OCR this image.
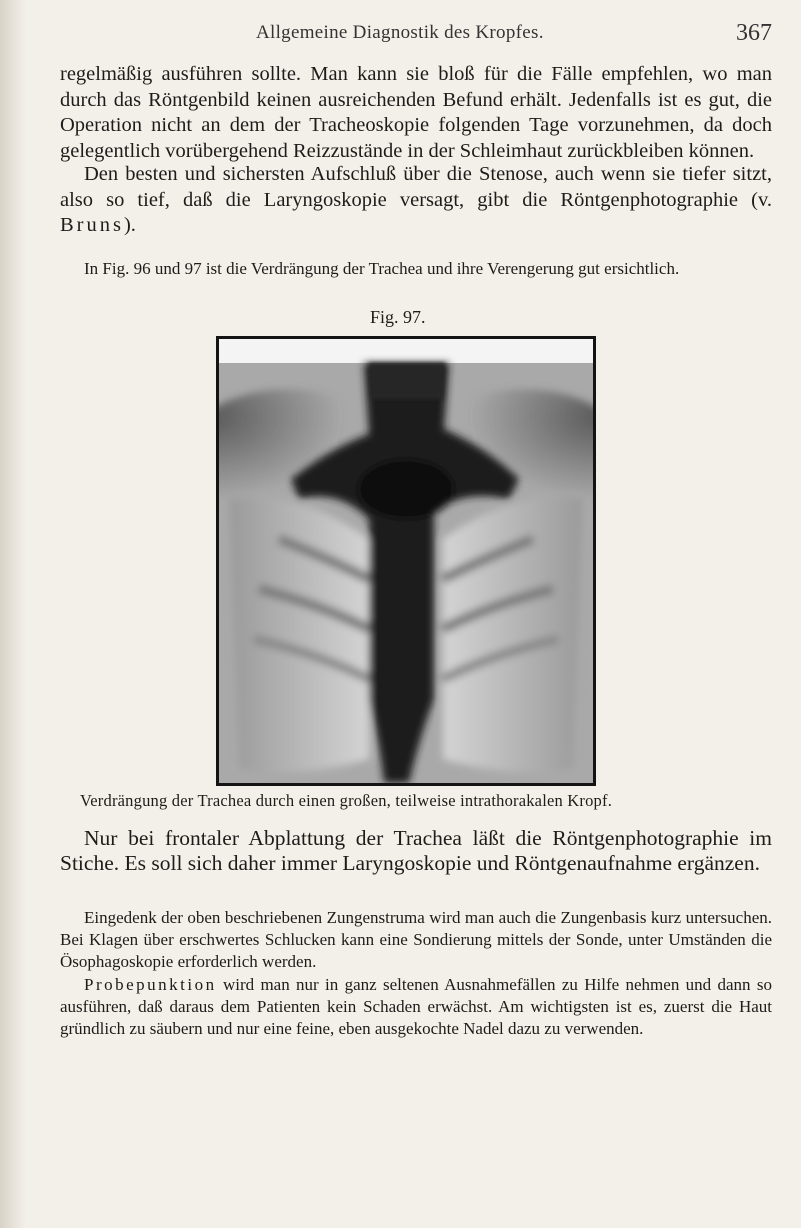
Allgemeine Diagnostik des Kropfes.	367

regelmäßig ausführen sollte. Man kann sie bloß für die Fälle empfehlen, wo man durch das Röntgenbild keinen ausreichenden Befund erhält. Jedenfalls ist es gut, die Operation nicht an dem der Tracheoskopie folgenden Tage vorzunehmen, da doch gelegentlich vorübergehend Reizzustände in der Schleimhaut zurückbleiben können.

Den besten und sichersten Aufschluß über die Stenose, auch wenn sie tiefer sitzt, also so tief, daß die Laryngoskopie versagt, gibt die Röntgenphotographie (v. Bruns).

In Fig. 96 und 97 ist die Verdrängung der Trachea und ihre Verengerung gut ersichtlich.

Fig. 97.
Verdrängung der Trachea durch einen großen, teilweise intrathorakalen Kropf.

Nur bei frontaler Abplattung der Trachea läßt die Röntgenphotographie im Stiche. Es soll sich daher immer Laryngoskopie und Röntgenaufnahme ergänzen.

Eingedenk der oben beschriebenen Zungenstruma wird man auch die Zungenbasis kurz untersuchen. Bei Klagen über erschwertes Schlucken kann eine Sondierung mittels der Sonde, unter Umständen die Ösophagoskopie erforderlich werden.

Probepunktion wird man nur in ganz seltenen Ausnahmefällen zu Hilfe nehmen und dann so ausführen, daß daraus dem Patienten kein Schaden erwächst. Am wichtigsten ist es, zuerst die Haut gründlich zu säubern und nur eine feine, eben ausgekochte Nadel dazu zu verwenden.
